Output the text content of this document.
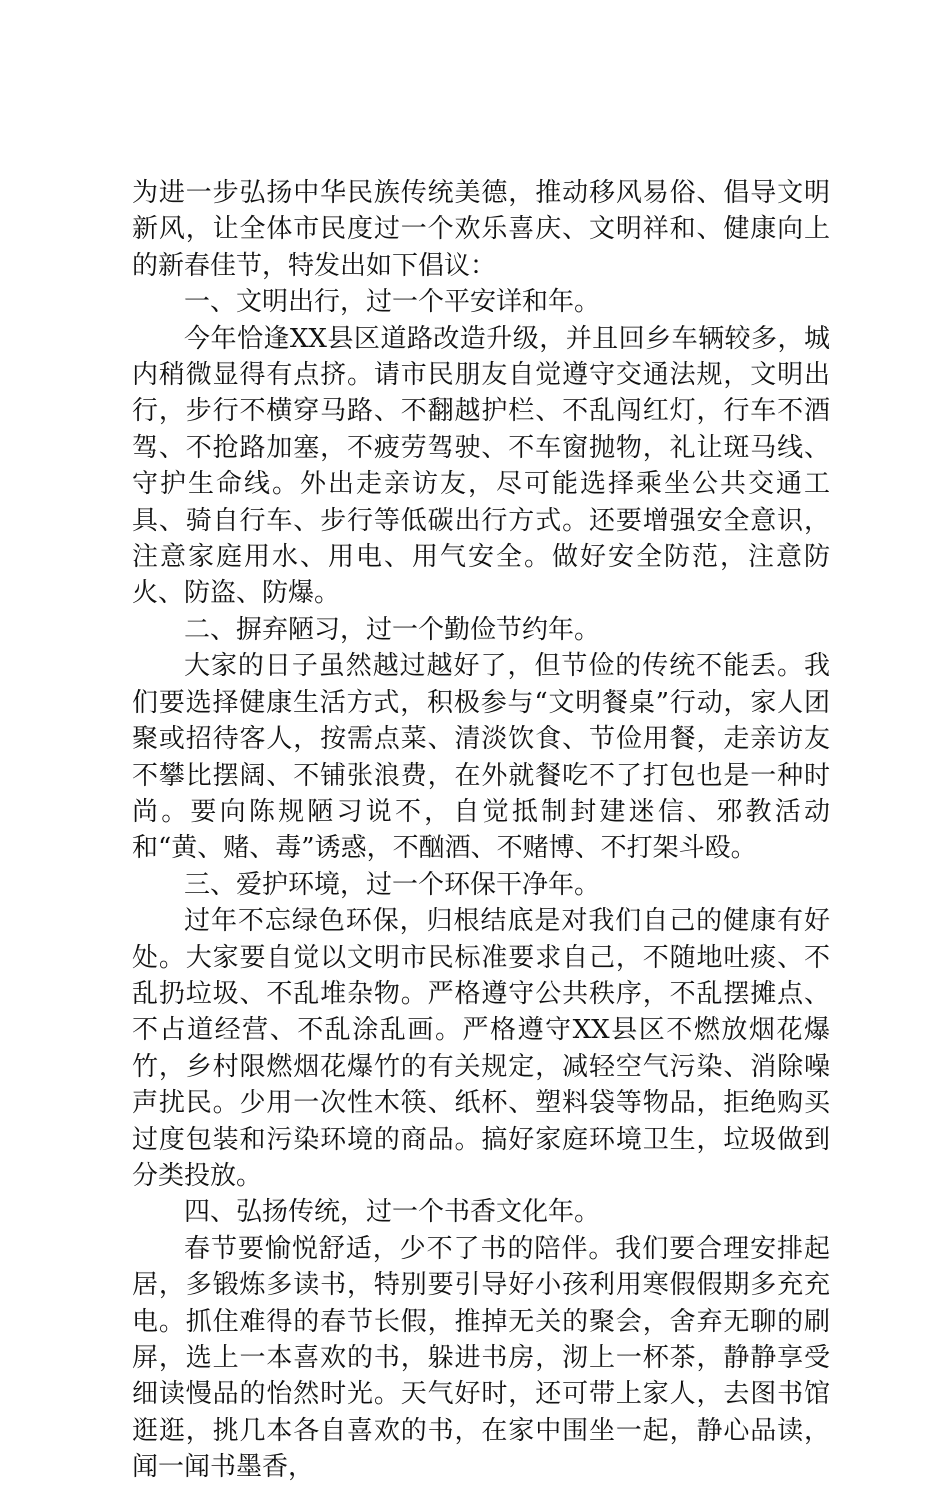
为进一步弘扬中华民族传统美德，推动移风易俗、倡导文明新风，让全体市民度过一个欢乐喜庆、文明祥和、健康向上的新春佳节，特发出如下倡议：

一、文明出行，过一个平安详和年。

今年恰逢XX县区道路改造升级，并且回乡车辆较多，城内稍微显得有点挤。请市民朋友自觉遵守交通法规，文明出行，步行不横穿马路、不翻越护栏、不乱闯红灯，行车不酒驾、不抢路加塞，不疲劳驾驶、不车窗抛物，礼让斑马线、守护生命线。外出走亲访友，尽可能选择乘坐公共交通工具、骑自行车、步行等低碳出行方式。还要增强安全意识，注意家庭用水、用电、用气安全。做好安全防范，注意防火、防盗、防爆。

二、摒弃陋习，过一个勤俭节约年。

大家的日子虽然越过越好了，但节俭的传统不能丢。我们要选择健康生活方式，积极参与“文明餐桌”行动，家人团聚或招待客人，按需点菜、清淡饮食、节俭用餐，走亲访友不攀比摆阔、不铺张浪费，在外就餐吃不了打包也是一种时尚。要向陈规陋习说不，自觉抵制封建迷信、邪教活动和“黄、赌、毒”诱惑，不酗酒、不赌博、不打架斗殴。

三、爱护环境，过一个环保干净年。

过年不忘绿色环保，归根结底是对我们自己的健康有好处。大家要自觉以文明市民标准要求自己，不随地吐痰、不乱扔垃圾、不乱堆杂物。严格遵守公共秩序，不乱摆摊点、不占道经营、不乱涂乱画。严格遵守XX县区不燃放烟花爆竹，乡村限燃烟花爆竹的有关规定，减轻空气污染、消除噪声扰民。少用一次性木筷、纸杯、塑料袋等物品，拒绝购买过度包装和污染环境的商品。搞好家庭环境卫生，垃圾做到分类投放。

四、弘扬传统，过一个书香文化年。

春节要愉悦舒适，少不了书的陪伴。我们要合理安排起居，多锻炼多读书，特别要引导好小孩利用寒假假期多充充电。抓住难得的春节长假，推掉无关的聚会，舍弃无聊的刷屏，选上一本喜欢的书，躲进书房，沏上一杯茶，静静享受细读慢品的怡然时光。天气好时，还可带上家人，去图书馆逛逛，挑几本各自喜欢的书，在家中围坐一起，静心品读，闻一闻书墨香，
